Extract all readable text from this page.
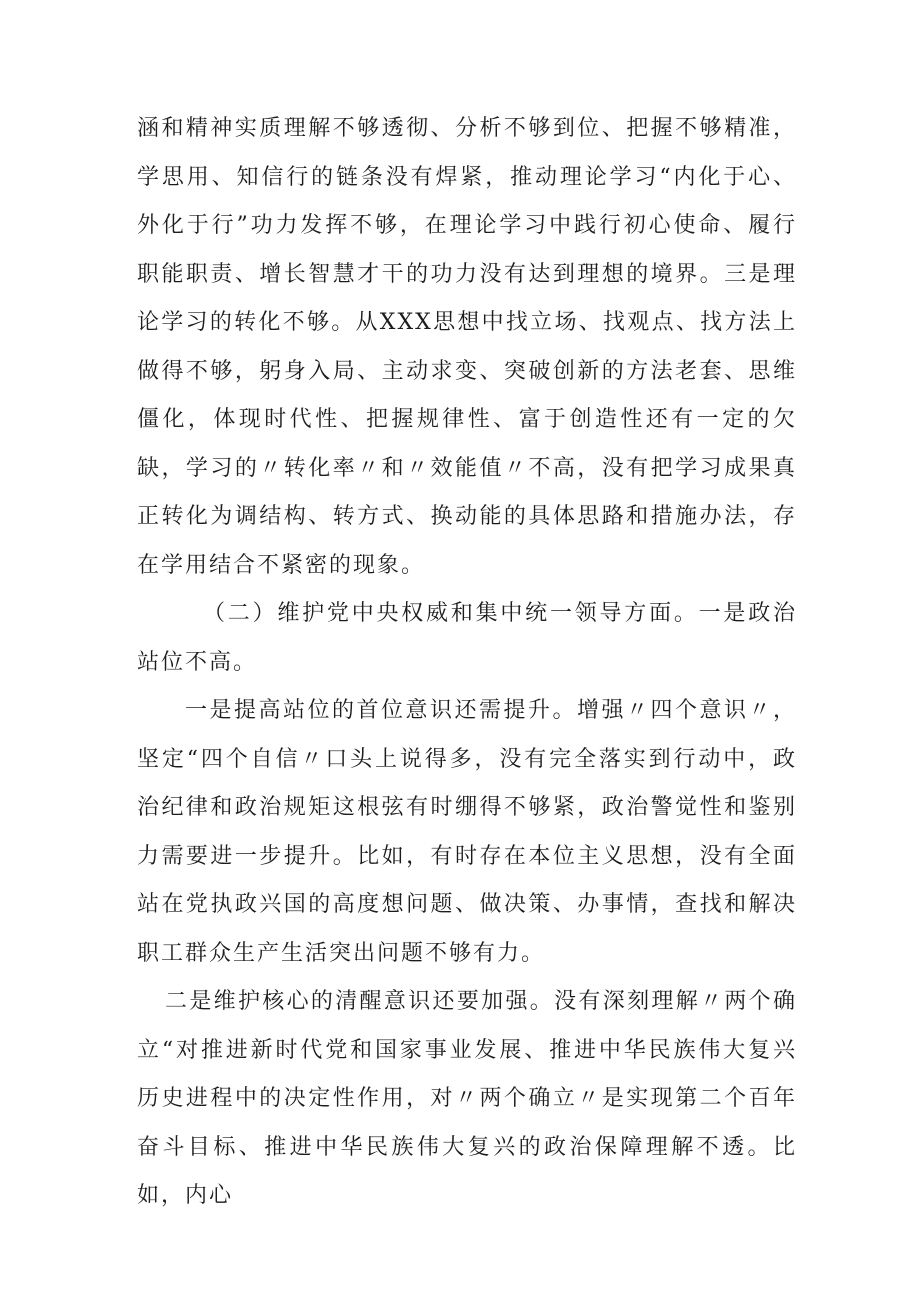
涵和精神实质理解不够透彻、分析不够到位、把握不够精准，学思用、知信行的链条没有焊紧，推动理论学习“内化于心、外化于行”功力发挥不够，在理论学习中践行初心使命、履行职能职责、增长智慧才干的功力没有达到理想的境界。三是理论学习的转化不够。从XXX思想中找立场、找观点、找方法上做得不够，躬身入局、主动求变、突破创新的方法老套、思维僵化，体现时代性、把握规律性、富于创造性还有一定的欠缺，学习的〃转化率〃和〃效能值〃不高，没有把学习成果真正转化为调结构、转方式、换动能的具体思路和措施办法，存在学用结合不紧密的现象。

（二）维护党中央权威和集中统一领导方面。一是政治站位不高。

一是提高站位的首位意识还需提升。增强〃四个意识〃，坚定“四个自信〃口头上说得多，没有完全落实到行动中，政治纪律和政治规矩这根弦有时绷得不够紧，政治警觉性和鉴别力需要进一步提升。比如，有时存在本位主义思想，没有全面站在党执政兴国的高度想问题、做决策、办事情，查找和解决职工群众生产生活突出问题不够有力。

二是维护核心的清醒意识还要加强。没有深刻理解〃两个确立“对推进新时代党和国家事业发展、推进中华民族伟大复兴历史进程中的决定性作用，对〃两个确立〃是实现第二个百年奋斗目标、推进中华民族伟大复兴的政治保障理解不透。比如，内心
